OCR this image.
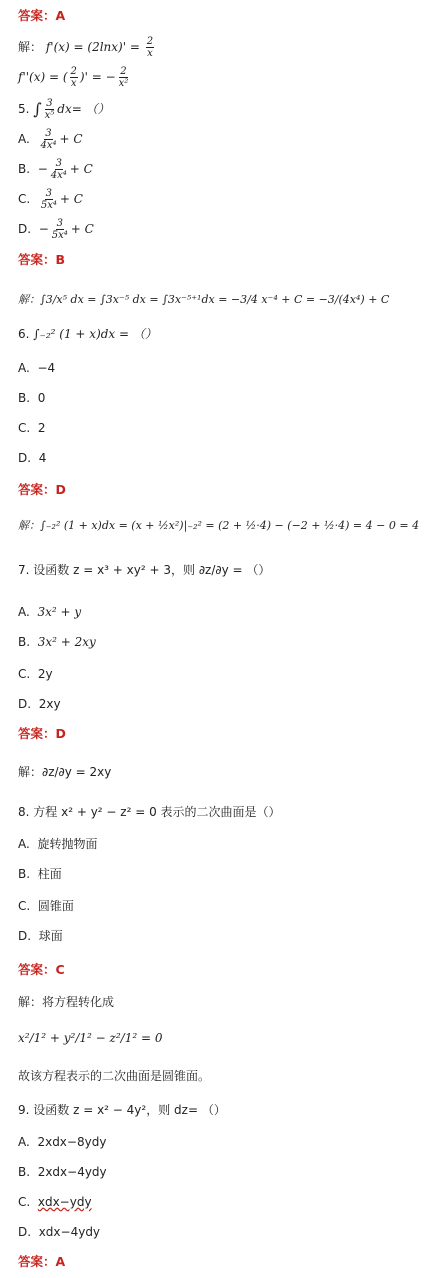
答案：A
解： $f'(x) = (2\ln x)' = \frac{2}{x}$
f''(x) = ( $\frac{2}{x}$ )' = − $\frac{2}{\text{x²}}$
5. ∫ $\frac{3}{\text{x⁵}} dx=$ （）
A. $\frac{3}{\text{4x⁴}} + C$
B. − $\frac{3}{\text{4x⁴}} + C$
C. $\frac{3}{\text{5x⁴}} + C$
D. − $\frac{3}{\text{5x⁴}} + C$
答案：B
解：∫3/x⁵ dx = ∫3x⁻⁵ dx = ∫3x⁻⁵⁺¹dx = −3/4 x⁻⁴ + C = −3/(4x⁴) + C
6. ∫₋₂² (1 + x)dx = （）
A. −4
B. 0
C. 2
D. 4
答案：D
解：∫₋₂² (1 + x)dx = (x + ½x²)|₋₂² = (2 + ½·4) − (−2 + ½·4) = 4 − 0 = 4
7. 设函数 z = x³ + xy² + 3，则 ∂z/∂y = （）
A. 3x² + y
B. 3x² + 2xy
C. 2y
D. 2xy
答案：D
解：∂z/∂y = 2xy
8. 方程 x² + y² − z² = 0 表示的二次曲面是（）
A. 旋转抛物面
B. 柱面
C. 圆锥面
D. 球面
答案：C
解：将方程转化成
x²/1² + y²/1² − z²/1² = 0
故该方程表示的二次曲面是圆锥面。
9. 设函数 z = x² − 4y²，则 dz= （）
A. 2xdx−8ydy
B. 2xdx−4ydy
C. xdx−ydy
D. xdx−4ydy
答案：A
